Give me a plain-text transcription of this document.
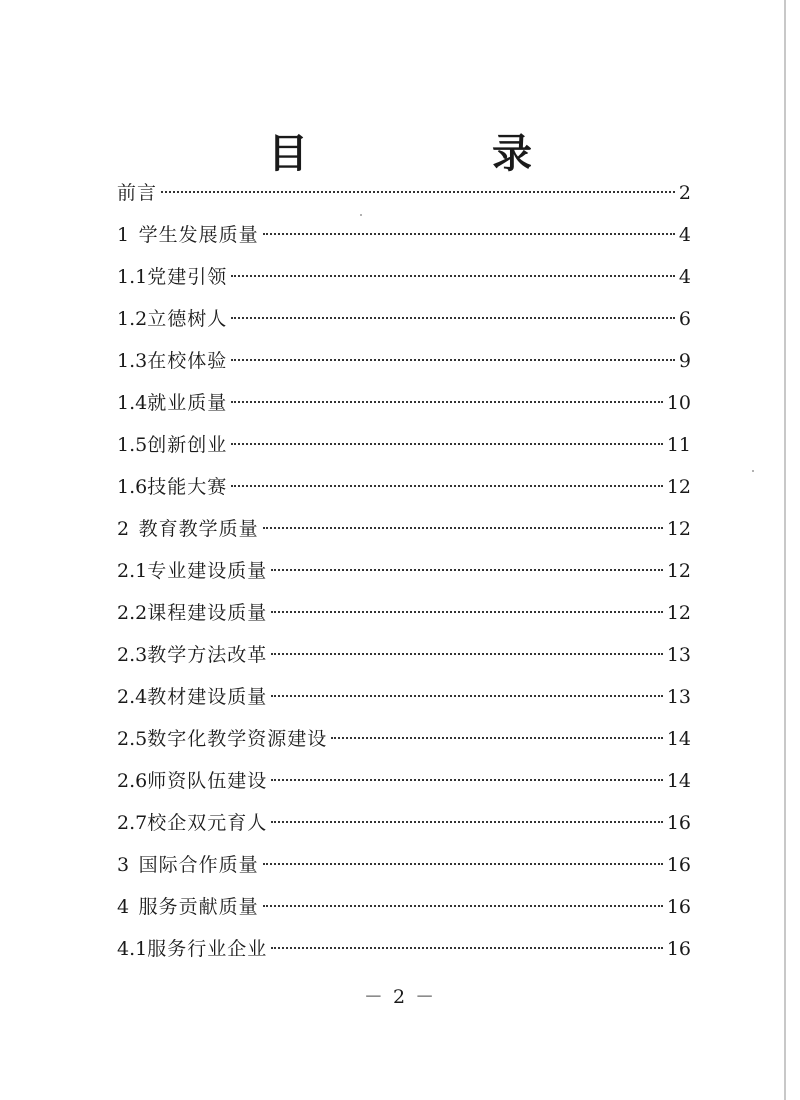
目　录
前言	2
1  学生发展质量	4
1.1党建引领	4
1.2立德树人	6
1.3在校体验	9
1.4就业质量	10
1.5创新创业	11
1.6技能大赛	12
2  教育教学质量	12
2.1专业建设质量	12
2.2课程建设质量	12
2.3教学方法改革	13
2.4教材建设质量	13
2.5数字化教学资源建设	14
2.6师资队伍建设	14
2.7校企双元育人	16
3  国际合作质量	16
4  服务贡献质量	16
4.1服务行业企业	16
－ 2 －
